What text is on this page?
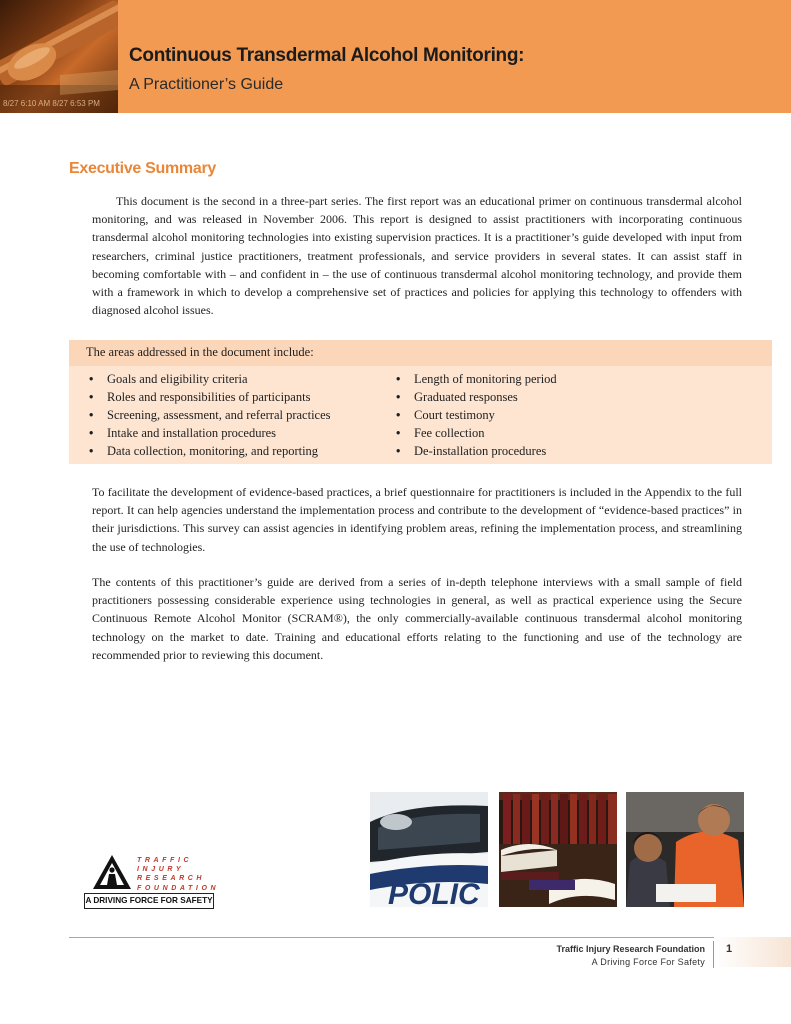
8/27 6:10 AM 8/27 6:53 PM
Continuous Transdermal Alcohol Monitoring:
A Practitioner’s Guide
Executive Summary

This document is the second in a three-part series. The first report was an educational primer on continuous transdermal alcohol monitoring, and was released in November 2006. This report is designed to assist practitioners with incorporating continuous transdermal alcohol monitoring technologies into existing supervision practices. It is a practitioner’s guide developed with input from researchers, criminal justice practitioners, treatment professionals, and service providers in several states. It can assist staff in becoming comfortable with – and confident in – the use of continuous transdermal alcohol monitoring technology, and provide them with a framework in which to develop a comprehensive set of practices and policies for applying this technology to offenders with diagnosed alcohol issues.

The areas addressed in the document include:
• Goals and eligibility criteria
• Roles and responsibilities of participants
• Screening, assessment, and referral practices
• Intake and installation procedures
• Data collection, monitoring, and reporting
• Length of monitoring period
• Graduated responses
• Court testimony
• Fee collection
• De-installation procedures

To facilitate the development of evidence-based practices, a brief questionnaire for practitioners is included in the Appendix to the full report. It can help agencies understand the implementation process and contribute to the development of “evidence-based practices” in their jurisdictions. This survey can assist agencies in identifying problem areas, refining the implementation process, and streamlining the use of technologies.

The contents of this practitioner’s guide are derived from a series of in-depth telephone interviews with a small sample of field practitioners possessing considerable experience using technologies in general, as well as practical experience using the Secure Continuous Remote Alcohol Monitor (SCRAM®), the only commercially-available continuous transdermal alcohol monitoring technology on the market to date. Training and educational efforts relating to the functioning and use of the technology are recommended prior to reviewing this document.

TRAFFIC
INJURY
RESEARCH
FOUNDATION
A DRIVING FORCE FOR SAFETY	POLIC
Traffic Injury Research Foundation
A Driving Force For Safety
1
